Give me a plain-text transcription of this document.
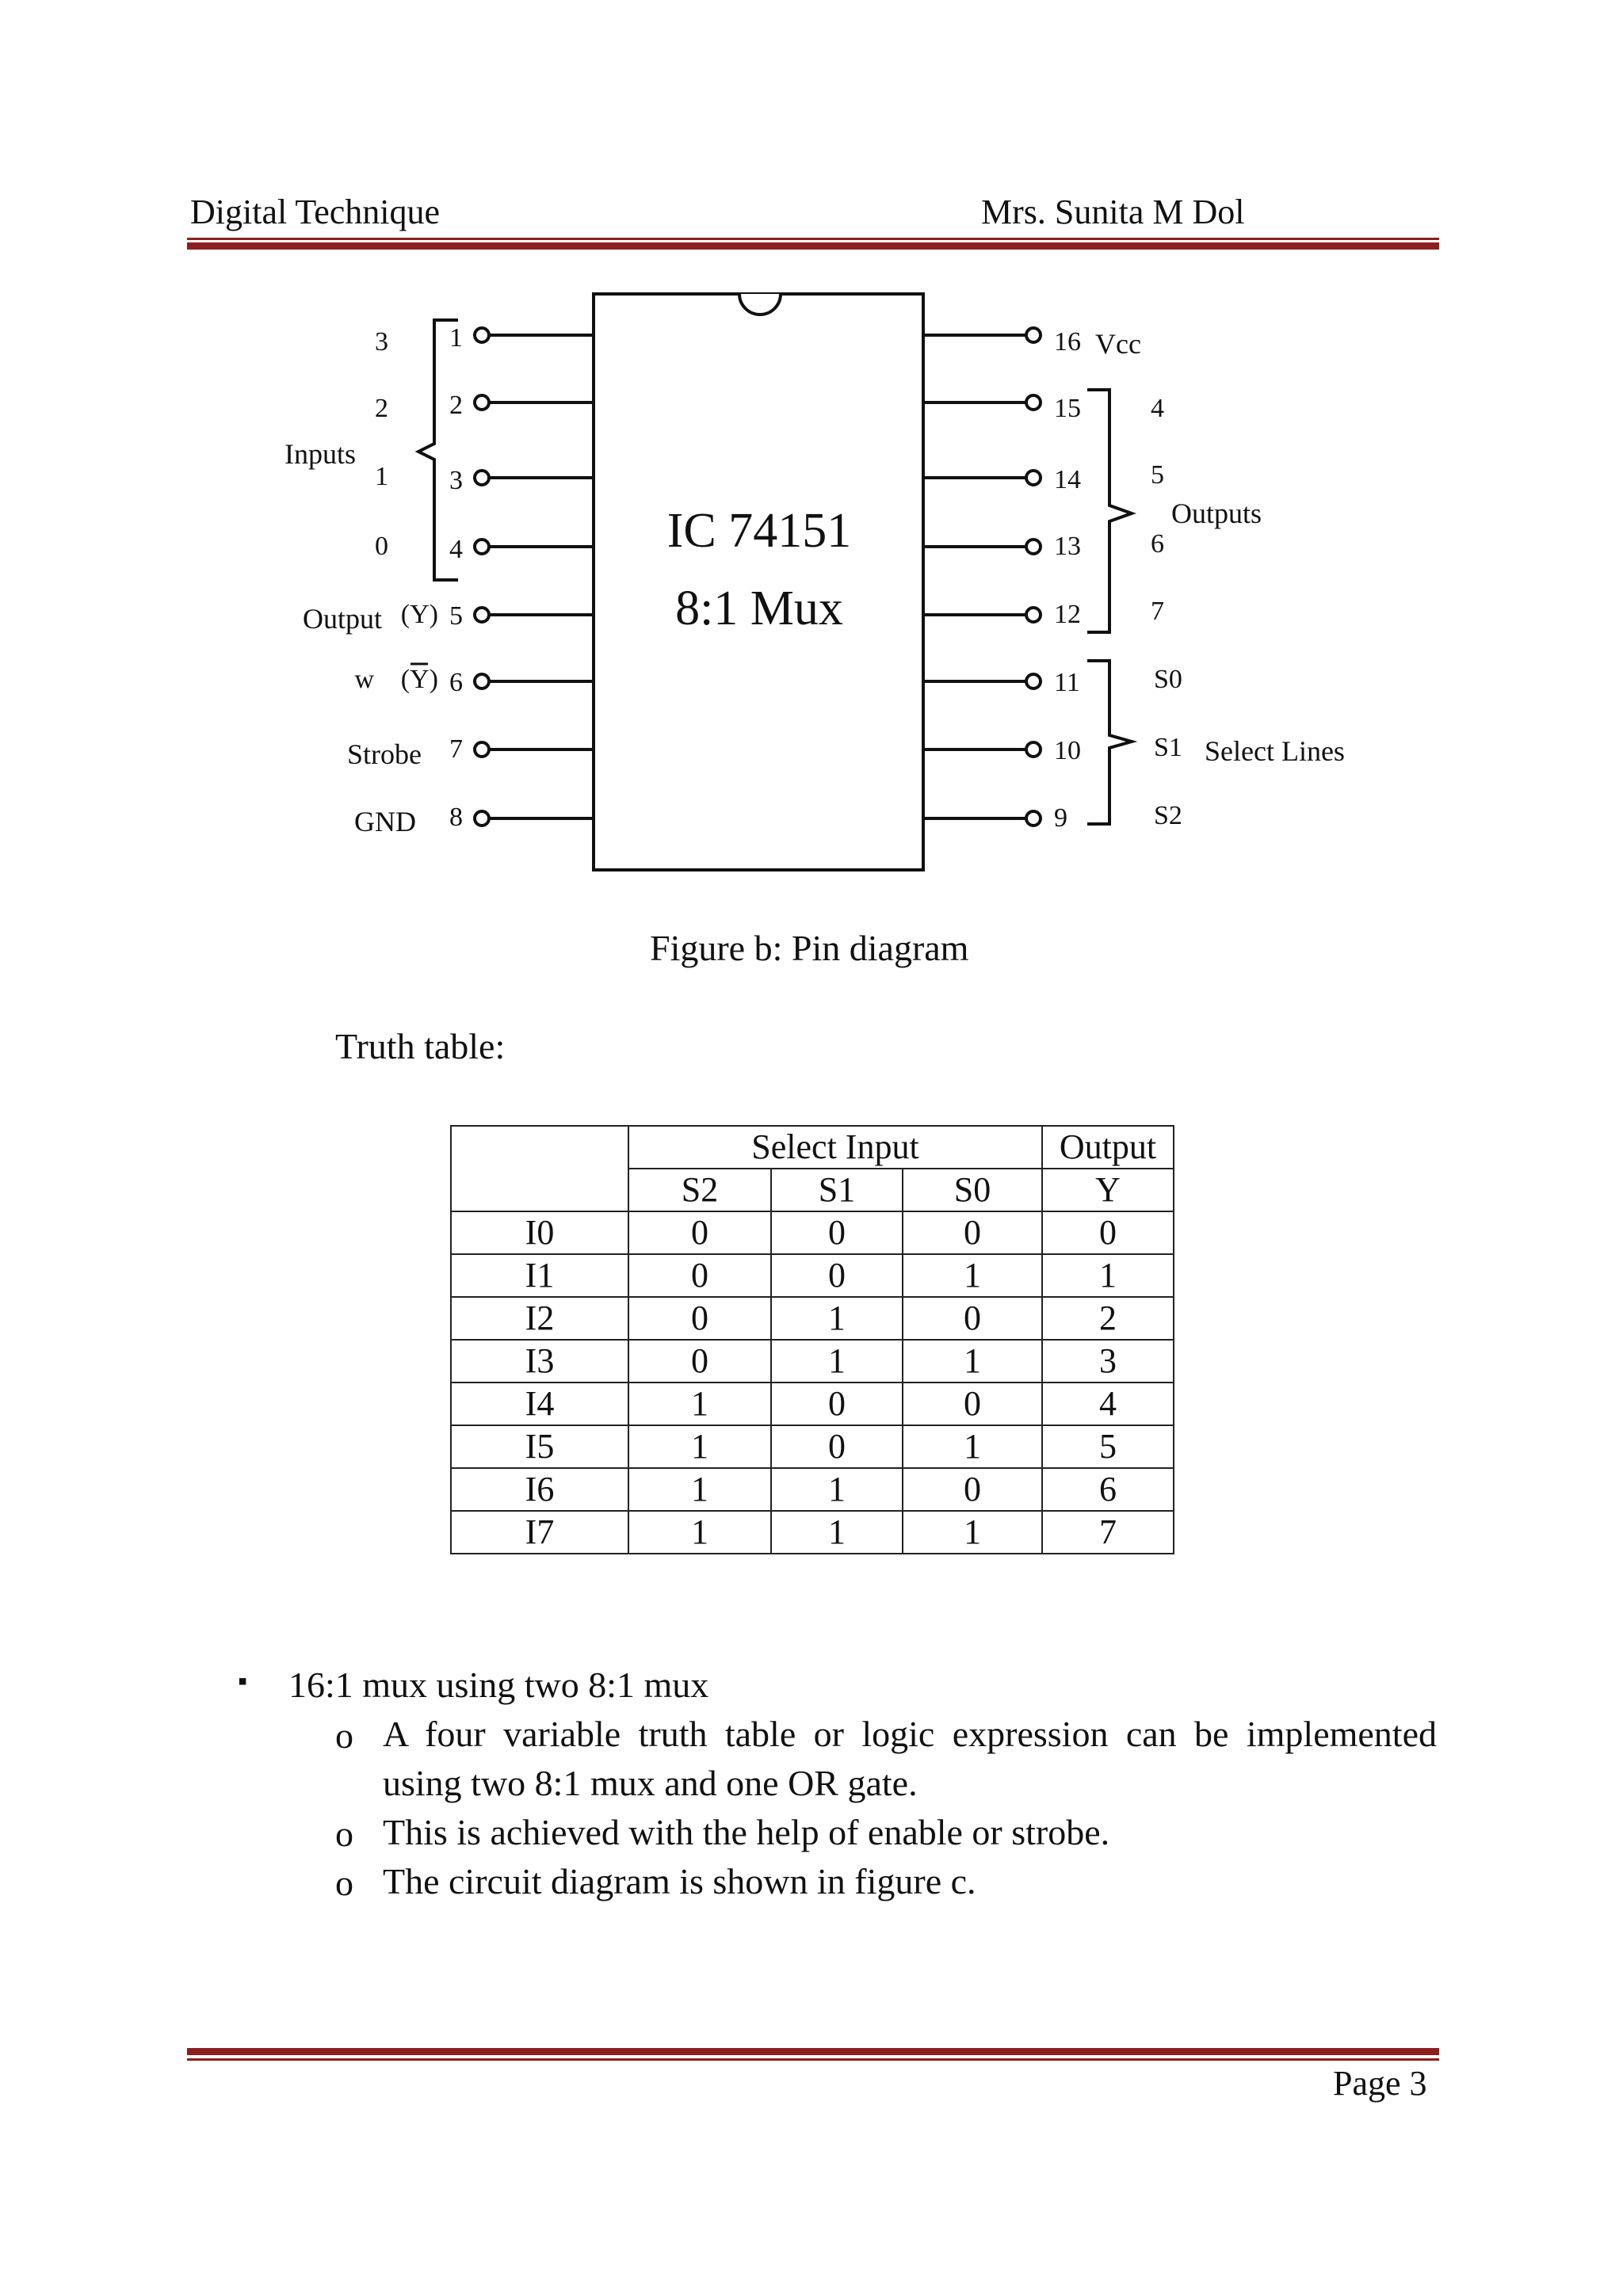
Digital Technique	Mrs. Sunita M Dol
IC 74151
8:1 Mux
1
3
2
2
3
1
4
0
5
(Y)
Output
6
(Y)
w
7
Strobe
8
GND
Inputs
16 Vcc
15	4
14	5
13	6
12	7
11	S0
10	S1
9	S2
Outputs
Select Lines
Figure b: Pin diagram
Truth table:
	Select Input			Output
	S2	S1	S0	Y
I0	0	0	0	0
I1	0	0	1	1
I2	0	1	0	2
I3	0	1	1	3
I4	1	0	0	4
I5	1	0	1	5
I6	1	1	0	6
I7	1	1	1	7
▪ 16:1 mux using two 8:1 mux
o A four variable truth table or logic expression can be implemented
using two 8:1 mux and one OR gate.
o This is achieved with the help of enable or strobe.
o The circuit diagram is shown in figure c.
Page 3
